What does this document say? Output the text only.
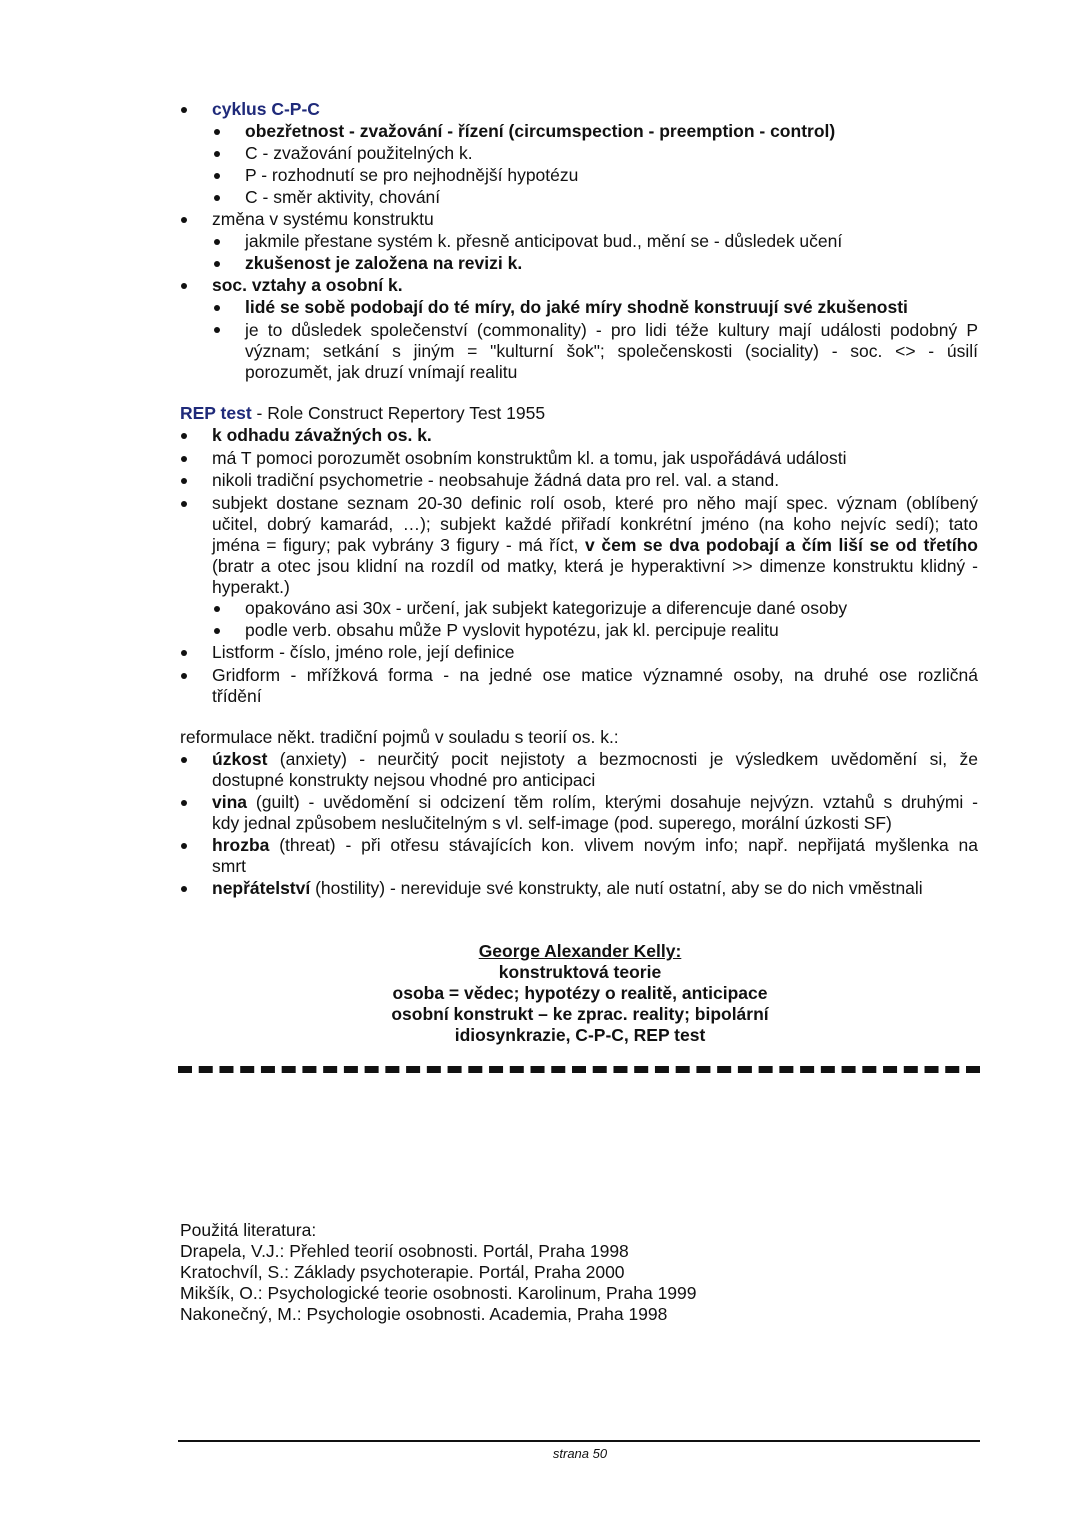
cyklus C-P-C
obezřetnost - zvažování - řízení (circumspection - preemption - control)
C - zvažování použitelných k.
P - rozhodnutí se pro nejhodnější hypotézu
C - směr aktivity, chování
změna v systému konstruktu
jakmile přestane systém k. přesně anticipovat bud., mění se - důsledek učení
zkušenost je založena na revizi k.
soc. vztahy a osobní k.
lidé se sobě podobají do té míry, do jaké míry shodně konstruují své zkušenosti
je to důsledek společenství (commonality) - pro lidi téže kultury mají události podobný P
význam; setkání s jiným = "kulturní šok"; společenskosti (sociality) - soc. <> - úsilí
porozumět, jak druzí vnímají realitu
REP test - Role Construct Repertory Test 1955
k odhadu závažných os. k.
má T pomoci porozumět osobním konstruktům kl. a tomu, jak uspořádává události
nikoli tradiční psychometrie - neobsahuje žádná data pro rel. val. a stand.
subjekt dostane seznam 20-30 definic rolí osob, které pro něho mají spec. význam (oblíbený
učitel, dobrý kamarád, …); subjekt každé přiřadí konkrétní jméno (na koho nejvíc sedí); tato
jména = figury; pak vybrány 3 figury - má říct, v čem se dva podobají a čím liší se od třetího
(bratr a otec jsou klidní na rozdíl od matky, která je hyperaktivní >> dimenze konstruktu klidný -
hyperakt.)
opakováno asi 30x - určení, jak subjekt kategorizuje a diferencuje dané osoby
podle verb. obsahu může P vyslovit hypotézu, jak kl. percipuje realitu
Listform - číslo, jméno role, její definice
Gridform - mřížková forma - na jedné ose matice významné osoby, na druhé ose rozličná
třídění
reformulace někt. tradiční pojmů v souladu s teorií os. k.:
úzkost (anxiety) - neurčitý pocit nejistoty a bezmocnosti je výsledkem uvědomění si, že
dostupné konstrukty nejsou vhodné pro anticipaci
vina (guilt) - uvědomění si odcizení těm rolím, kterými dosahuje nejvýzn. vztahů s druhými -
kdy jednal způsobem neslučitelným s vl. self-image (pod. superego, morální úzkosti SF)
hrozba (threat) - při otřesu stávajících kon. vlivem novým info; např. nepřijatá myšlenka na
smrt
nepřátelství (hostility) - nereviduje své konstrukty, ale nutí ostatní, aby se do nich vměstnali
George Alexander Kelly:
konstruktová teorie
osoba = vědec; hypotézy o realitě, anticipace
osobní konstrukt – ke zprac. reality; bipolární
idiosynkrazie, C-P-C, REP test
Použitá literatura:
Drapela, V.J.: Přehled teorií osobnosti. Portál, Praha 1998
Kratochvíl, S.: Základy psychoterapie. Portál, Praha 2000
Mikšík, O.: Psychologické teorie osobnosti. Karolinum, Praha 1999
Nakonečný, M.: Psychologie osobnosti. Academia, Praha 1998
strana 50
